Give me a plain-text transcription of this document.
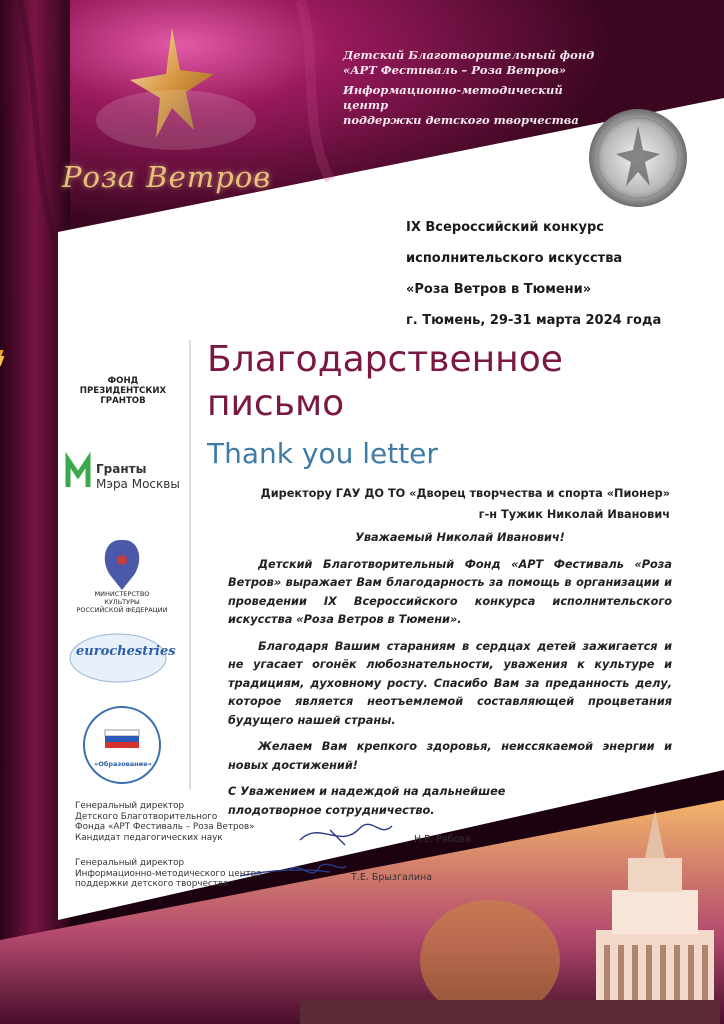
Детский Благотворительный фонд
«АРТ Фестиваль – Роза Ветров»
Информационно-методический центр
поддержки детского творчества
Роза Ветров
IX Всероссийский конкурс
исполнительского искусства
«Роза Ветров в Тюмени»
г. Тюмень, 29-31 марта 2024 года
Благодарственное
письмо
Thank you letter
Директору ГАУ ДО ТО «Дворец творчества и спорта «Пионер»
г-н Тужик Николай Иванович

Уважаемый Николай Иванович!

Детский Благотворительный Фонд «АРТ Фестиваль «Роза Ветров» выражает Вам благодарность за помощь в организации и проведении IX Всероссийского конкурса исполнительского искусства «Роза Ветров в Тюмени».

Благодаря Вашим стараниям в сердцах детей зажигается и не угасает огонёк любознательности, уважения к культуре и традициям, духовному росту. Спасибо Вам за преданность делу, которое является неотъемлемой составляющей процветания будущего нашей страны.

Желаем Вам крепкого здоровья, неиссякаемой энергии и новых достижений!

С Уважением и надеждой на дальнейшее
плодотворное сотрудничество.
ФОНД
ПРЕЗИДЕНТСКИХ
ГРАНТОВ
Гранты
Мэра Москвы
МИНИСТЕРСТВО КУЛЬТУРЫ
РОССИЙСКОЙ ФЕДЕРАЦИИ
eurochestries
«Образование»
Генеральный директор
Детского Благотворительного
Фонда «АРТ Фестиваль – Роза Ветров»
Кандидат педагогических наук
Генеральный директор
Информационно-методического центра
поддержки детского творчества
Н.Е. Рябова
Т.Е. Брызгалина
